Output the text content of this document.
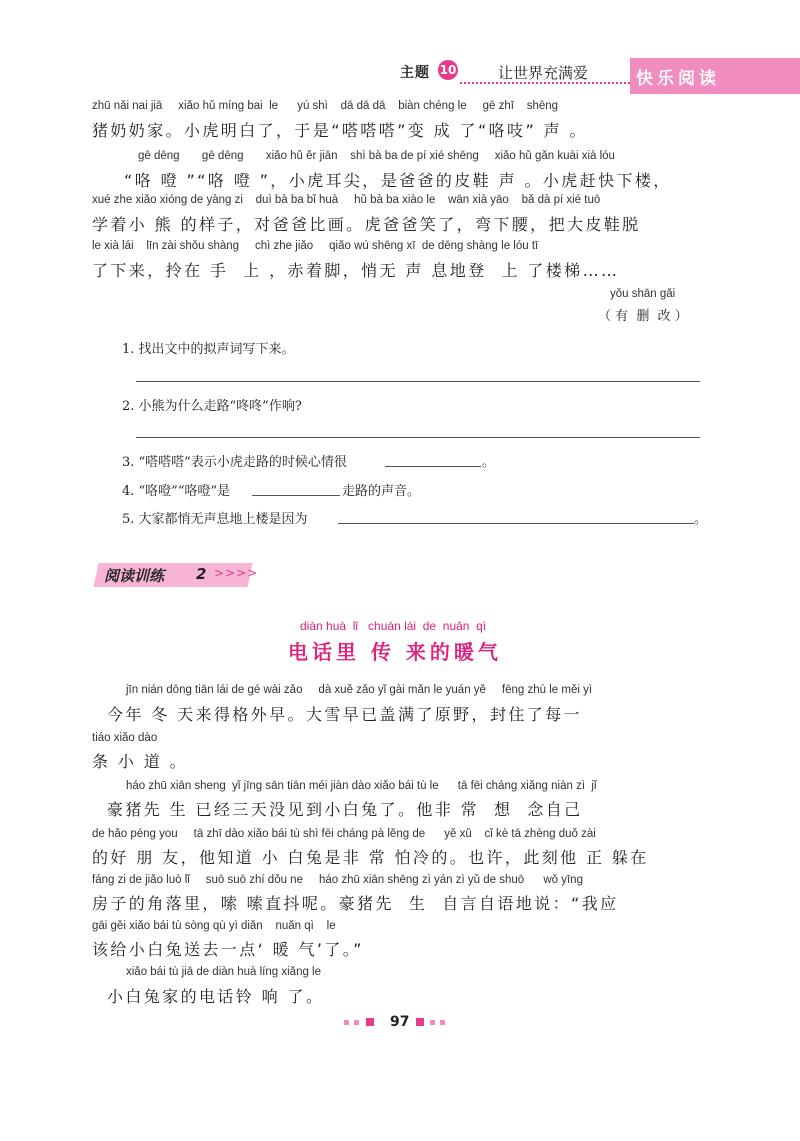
主题 10	让世界充满爱	快乐阅读
zhū nǎi nai jiā     xiǎo hǔ míng bai  le      yú shì    dā dā dā    biàn chéng le     gē zhī    shēng
猪奶奶家。小虎明白了，于是“嗒嗒嗒”变 成 了“咯吱” 声 。
gē dēng       gē dēng       xiǎo hǔ ěr jiān    shì bà ba de pí xié shēng     xiǎo hǔ gǎn kuài xià lóu
“咯 噔 ”“咯 噔 ”，小虎耳尖，是爸爸的皮鞋 声 。小虎赶快下楼，
xué zhe xiǎo xióng de yàng zi    duì bà ba bǐ huà     hǔ bà ba xiào le    wān xià yāo    bǎ dà pí xié tuō
学着小 熊 的样子，对爸爸比画。虎爸爸笑了，弯下腰，把大皮鞋脱
le xià lái    līn zài shǒu shàng     chì zhe jiǎo     qiǎo wú shēng xī  de dēng shàng le lóu tī
了下来，拎在 手  上 ，赤着脚，悄无 声 息地登  上 了楼梯……
yǒu shān gǎi
（ 有  删  改 ）
1. 找出文中的拟声词写下来。
2. 小熊为什么走路“咚咚”作响?
3. “嗒嗒嗒”表示小虎走路的时候心情很	。
4. “咯噔”“咯噔”是	走路的声音。
5. 大家都悄无声息地上楼是因为	。
阅读训练 2 >>>>
diàn huà  lǐ   chuán lái  de  nuǎn  qì
电话里 传 来的暖气
jīn nián dōng tiān lái de gé wài zǎo     dà xuě zǎo yǐ gài mǎn le yuán yě     fēng zhù le měi yì
今年 冬 天来得格外早。大雪早已盖满了原野，封住了每一
tiáo xiǎo dào
条 小 道 。
háo zhū xiān sheng  yǐ jīng sān tiān méi jiàn dào xiǎo bái tù le      tā fēi cháng xiǎng niàn zì  jǐ
豪猪先 生 已经三天没见到小白兔了。他非 常  想  念自己
de hǎo péng you     tā zhī dào xiǎo bái tù shì fēi cháng pà lěng de      yě xǔ    cǐ kè tā zhèng duǒ zài
的好 朋 友，他知道 小 白兔是非 常 怕冷的。也许，此刻他 正 躲在
fáng zi de jiǎo luò lǐ     suō suō zhí dǒu ne     háo zhū xiān shēng zì yán zì yǔ de shuō      wǒ yīng
房子的角落里，嗦 嗦直抖呢。豪猪先  生  自言自语地说：“我应
gāi gěi xiǎo bái tù sòng qù yì diǎn    nuǎn qì    le
该给小白兔送去一点‘ 暖 气’了。”
xiǎo bái tù jiā de diàn huà líng xiǎng le
小白兔家的电话铃 响 了。
97
